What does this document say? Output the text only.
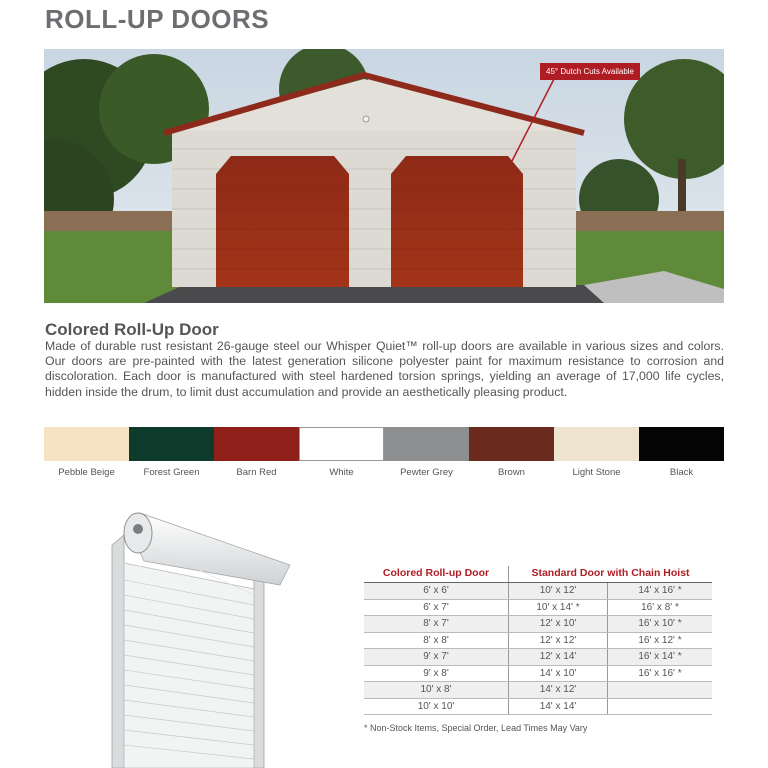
ROLL-UP DOORS
45° Dutch Cuts Available
Colored Roll-Up Door

Made of durable rust resistant 26-gauge steel our Whisper Quiet™ roll-up doors are available in various sizes and colors. Our doors are pre-painted with the latest generation silicone polyester paint for maximum resistance to corrosion and discoloration. Each door is manufactured with steel hardened torsion springs, yielding an average of 17,000 life cycles, hidden inside the drum, to limit dust accumulation and provide an aesthetically pleasing product.

Pebble Beige	Forest Green	Barn Red	White	Pewter Grey	Brown	Light Stone	Black
Colored Roll-up Door	Standard Door with Chain Hoist	
6' x 6'	10' x 12'	14' x 16' *
6' x 7'	10' x 14' *	16' x 8' *
8' x 7'	12' x 10'	16' x 10' *
8' x 8'	12' x 12'	16' x 12' *
9' x 7'	12' x 14'	16' x 14' *
9' x 8'	14' x 10'	16' x 16' *
10' x 8'	14' x 12'	
10' x 10'	14' x 14'	

* Non-Stock Items, Special Order, Lead Times May Vary
